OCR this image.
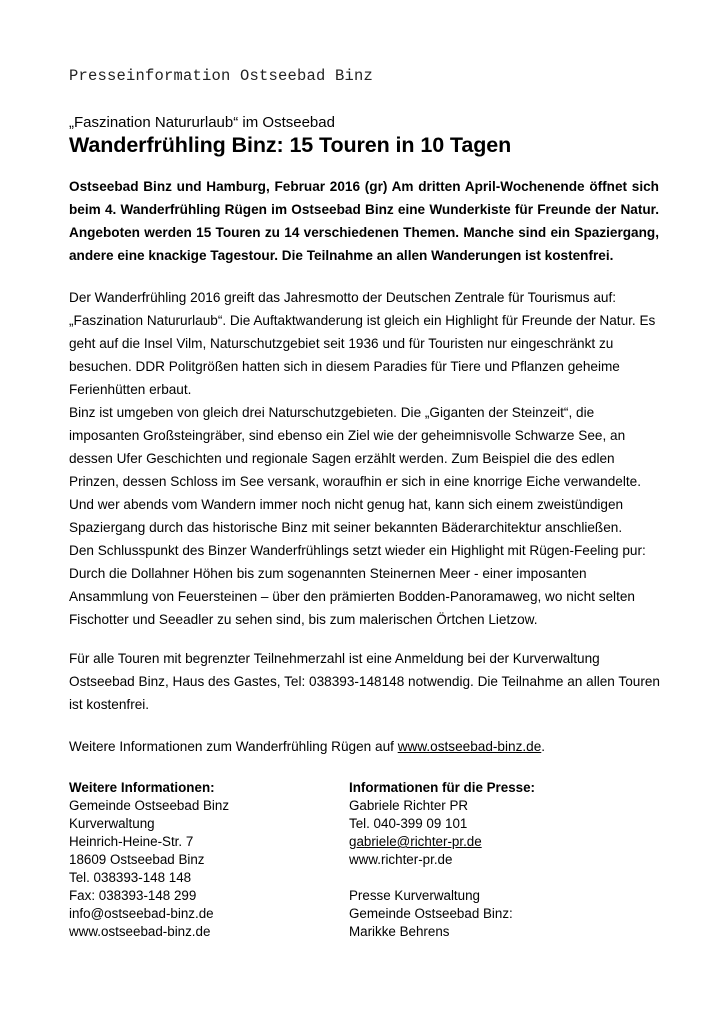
Presseinformation Ostseebad Binz
„Faszination Natururlaub“ im Ostseebad
Wanderfrühling Binz: 15 Touren in 10 Tagen
Ostseebad Binz und Hamburg, Februar 2016 (gr) Am dritten April-Wochenende öffnet sich
beim 4. Wanderfrühling Rügen im Ostseebad Binz eine Wunderkiste für Freunde der Natur.
Angeboten werden 15 Touren zu 14 verschiedenen Themen. Manche sind ein Spaziergang,
andere eine knackige Tagestour. Die Teilnahme an allen Wanderungen ist kostenfrei.
Der Wanderfrühling 2016 greift das Jahresmotto der Deutschen Zentrale für Tourismus auf:
„Faszination Natururlaub“. Die Auftaktwanderung ist gleich ein Highlight für Freunde der Natur. Es
geht auf die Insel Vilm, Naturschutzgebiet seit 1936 und für Touristen nur eingeschränkt zu
besuchen. DDR Politgrößen hatten sich in diesem Paradies für Tiere und Pflanzen geheime
Ferienhütten erbaut.
Binz ist umgeben von gleich drei Naturschutzgebieten. Die „Giganten der Steinzeit“, die
imposanten Großsteingräber, sind ebenso ein Ziel wie der geheimnisvolle Schwarze See, an
dessen Ufer Geschichten und regionale Sagen erzählt werden. Zum Beispiel die des edlen
Prinzen, dessen Schloss im See versank, woraufhin er sich in eine knorrige Eiche verwandelte.
Und wer abends vom Wandern immer noch nicht genug hat, kann sich einem zweistündigen
Spaziergang durch das historische Binz mit seiner bekannten Bäderarchitektur anschließen.
Den Schlusspunkt des Binzer Wanderfrühlings setzt wieder ein Highlight mit Rügen-Feeling pur:
Durch die Dollahner Höhen bis zum sogenannten Steinernen Meer - einer imposanten
Ansammlung von Feuersteinen – über den prämierten Bodden-Panoramaweg, wo nicht selten
Fischotter und Seeadler zu sehen sind, bis zum malerischen Örtchen Lietzow.
Für alle Touren mit begrenzter Teilnehmerzahl ist eine Anmeldung bei der Kurverwaltung
Ostseebad Binz, Haus des Gastes, Tel: 038393-148148 notwendig. Die Teilnahme an allen Touren
ist kostenfrei.
Weitere Informationen zum Wanderfrühling Rügen auf www.ostseebad-binz.de.
Weitere Informationen:
Gemeinde Ostseebad Binz
Kurverwaltung
Heinrich-Heine-Str. 7
18609 Ostseebad Binz
Tel. 038393-148 148
Fax: 038393-148 299
info@ostseebad-binz.de
www.ostseebad-binz.de
Informationen für die Presse:
Gabriele Richter PR
Tel. 040-399 09 101
gabriele@richter-pr.de
www.richter-pr.de
Presse Kurverwaltung
Gemeinde Ostseebad Binz:
Marikke Behrens
